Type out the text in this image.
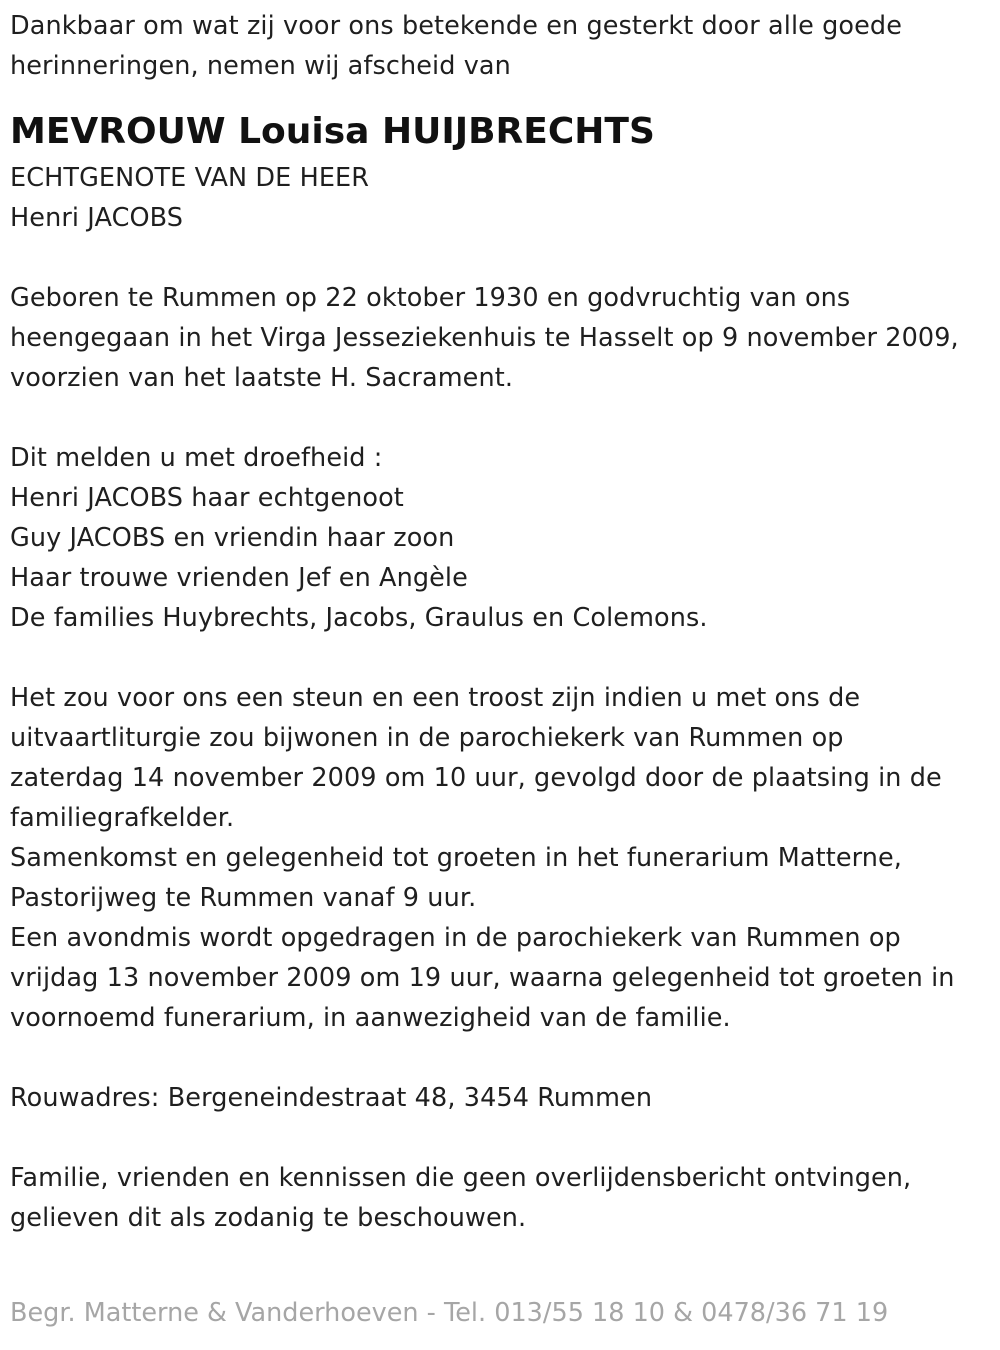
Dankbaar om wat zij voor ons betekende en gesterkt door alle goede
herinneringen, nemen wij afscheid van
MEVROUW Louisa HUIJBRECHTS
ECHTGENOTE VAN DE HEER
Henri JACOBS
Geboren te Rummen op 22 oktober 1930 en godvruchtig van ons
heengegaan in het Virga Jesseziekenhuis te Hasselt op 9 november 2009,
voorzien van het laatste H. Sacrament.
Dit melden u met droefheid :
Henri JACOBS haar echtgenoot
Guy JACOBS en vriendin haar zoon
Haar trouwe vrienden Jef en Angèle
De families Huybrechts, Jacobs, Graulus en Colemons.
Het zou voor ons een steun en een troost zijn indien u met ons de
uitvaartliturgie zou bijwonen in de parochiekerk van Rummen op
zaterdag 14 november 2009 om 10 uur, gevolgd door de plaatsing in de
familiegrafkelder.
Samenkomst en gelegenheid tot groeten in het funerarium Matterne,
Pastorijweg te Rummen vanaf 9 uur.
Een avondmis wordt opgedragen in de parochiekerk van Rummen op
vrijdag 13 november 2009 om 19 uur, waarna gelegenheid tot groeten in
voornoemd funerarium, in aanwezigheid van de familie.
Rouwadres: Bergeneindestraat 48, 3454 Rummen
Familie, vrienden en kennissen die geen overlijdensbericht ontvingen,
gelieven dit als zodanig te beschouwen.
Begr. Matterne & Vanderhoeven - Tel. 013/55 18 10 & 0478/36 71 19
